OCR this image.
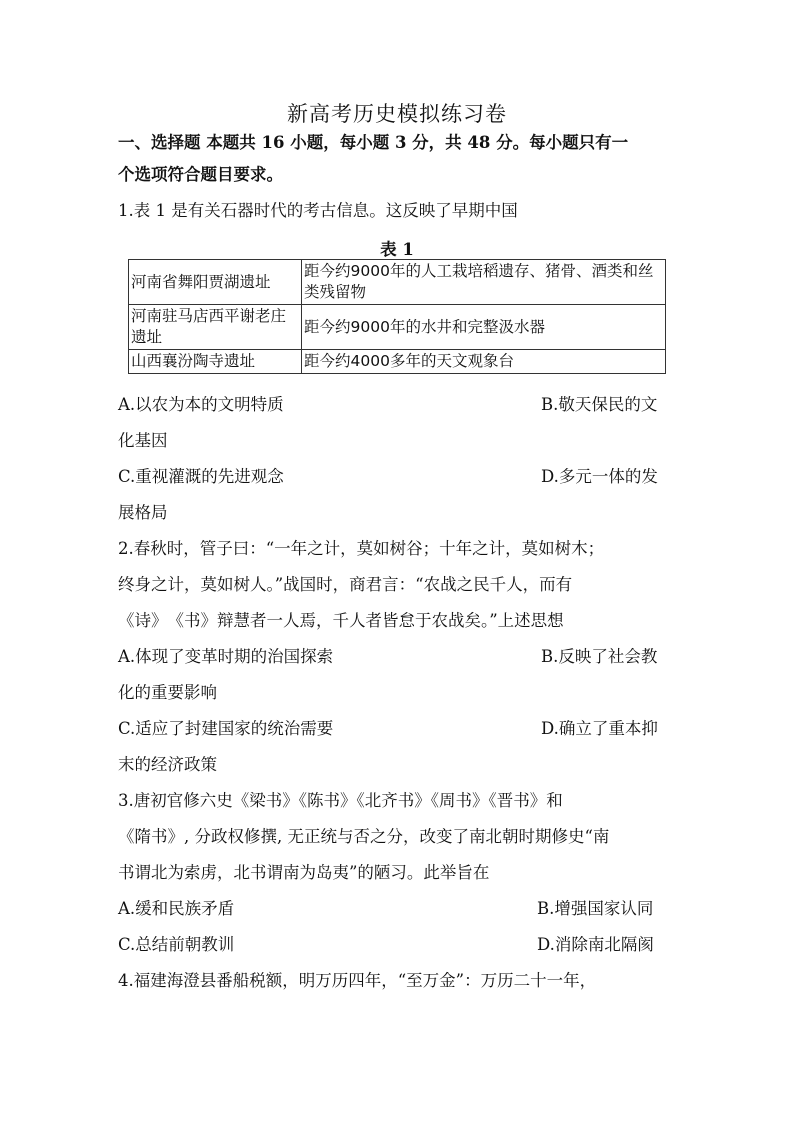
新高考历史模拟练习卷
一、选择题 本题共 16 小题，每小题 3 分，共 48 分。每小题只有一
个选项符合题目要求。
1.表 1 是有关石器时代的考古信息。这反映了早期中国
表 1
河南省舞阳贾湖遗址	距今约9000年的人工栽培稻遗存、猪骨、酒类和丝类残留物
河南驻马店西平谢老庄遗址	距今约9000年的水井和完整汲水器
山西襄汾陶寺遗址	距今约4000多年的天文观象台
A.以农为本的文明特质	B.敬天保民的文
化基因
C.重视灌溉的先进观念	D.多元一体的发
展格局
2.春秋时，管子曰：“一年之计，莫如树谷；十年之计，莫如树木；
终身之计，莫如树人。”战国时，商君言：“农战之民千人，而有
《诗》　《书》辩慧者一人焉，千人者皆怠于农战矣。”上述思想
A.体现了变革时期的治国探索	B.反映了社会教
化的重要影响
C.适应了封建国家的统治需要	D.确立了重本抑
末的经济政策
3.唐初官修六史《梁书》《陈书》《北齐书》《周书》《晋书》和
《隋书》, 分政权修撰, 无正统与否之分，改变了南北朝时期修史“南
书谓北为索虏，北书谓南为岛夷”的陋习。此举旨在
A.缓和民族矛盾	B.增强国家认同
C.总结前朝教训	D.消除南北隔阂
4.福建海澄县番船税额，明万历四年，“至万金”：万历二十一年，
